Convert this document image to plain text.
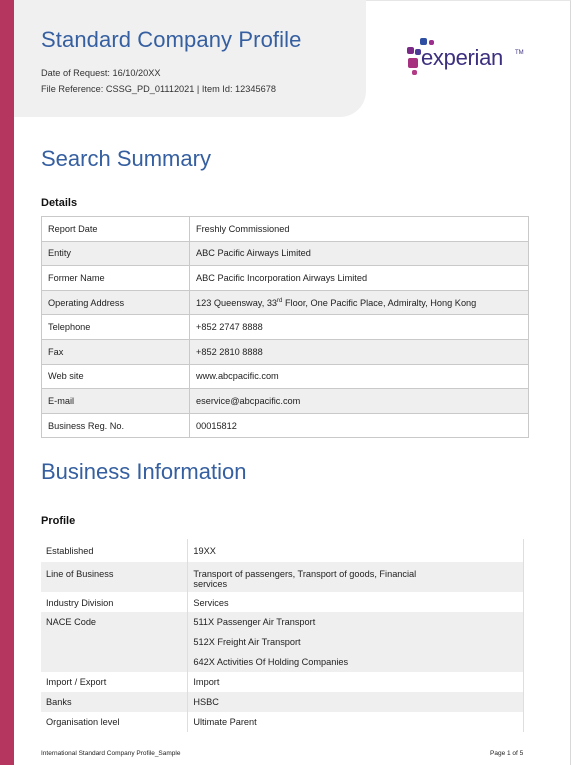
Standard Company Profile
Date of Request: 16/10/20XX
File Reference: CSSG_PD_01112021 | Item Id: 12345678
experian TM
Search Summary
Details
Report Date	Freshly Commissioned
Entity	ABC Pacific Airways Limited
Former Name	ABC Pacific Incorporation Airways Limited
Operating Address	123 Queensway, 33rd Floor, One Pacific Place, Admiralty, Hong Kong
Telephone	+852 2747 8888
Fax	+852 2810 8888
Web site	www.abcpacific.com
E-mail	eservice@abcpacific.com
Business Reg. No.	00015812
Business Information
Profile
Established	19XX
Line of Business	Transport of passengers, Transport of goods, Financial
services

Industry Division	Services
NACE Code	511X Passenger Air Transport
512X Freight Air Transport
642X Activities Of Holding Companies

Import / Export	Import
Banks	HSBC
Organisation level	Ultimate Parent
International Standard Company Profile_Sample	Page 1 of 5
